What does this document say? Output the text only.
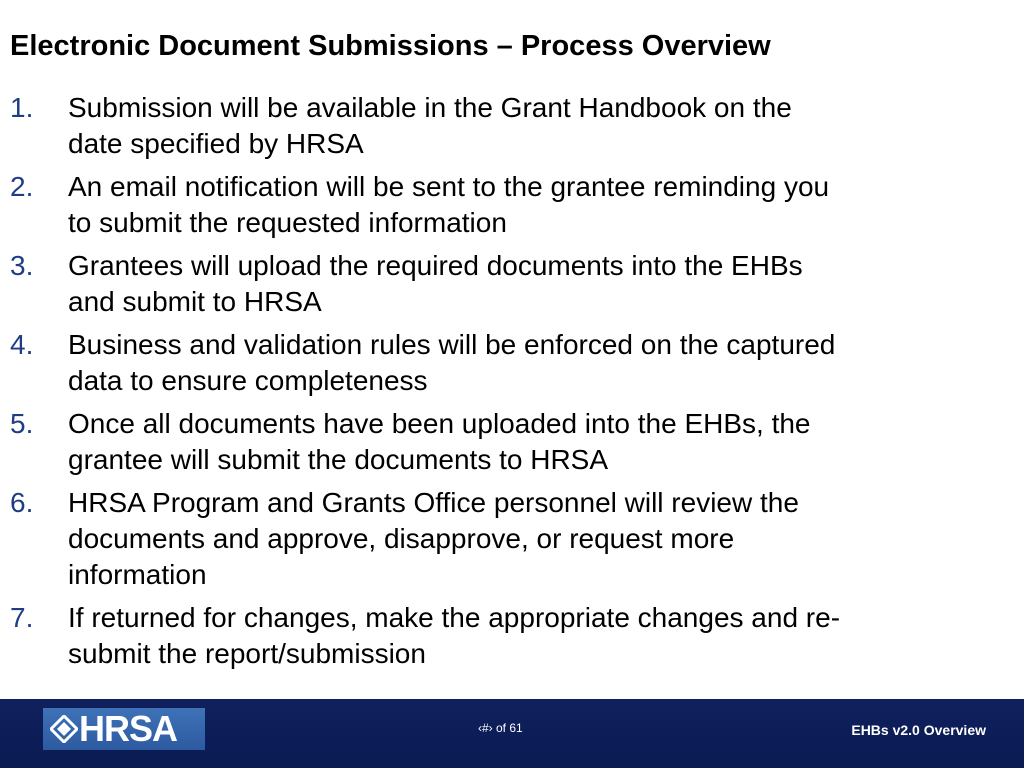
Electronic Document Submissions – Process Overview
1.	Submission will be available in the Grant Handbook on the
date specified by HRSA
2.	An email notification will be sent to the grantee reminding you
to submit the requested information
3.	Grantees will upload the required documents into the EHBs
and submit to HRSA
4.	Business and validation rules will be enforced on the captured
data to ensure completeness
5.	Once all documents have been uploaded into the EHBs, the
grantee will submit the documents to HRSA
6.	HRSA Program and Grants Office personnel will review the
documents and approve, disapprove, or request more
information
7.	If returned for changes, make the appropriate changes and re-
submit the report/submission
HRSA	‹#› of 61	EHBs v2.0 Overview
